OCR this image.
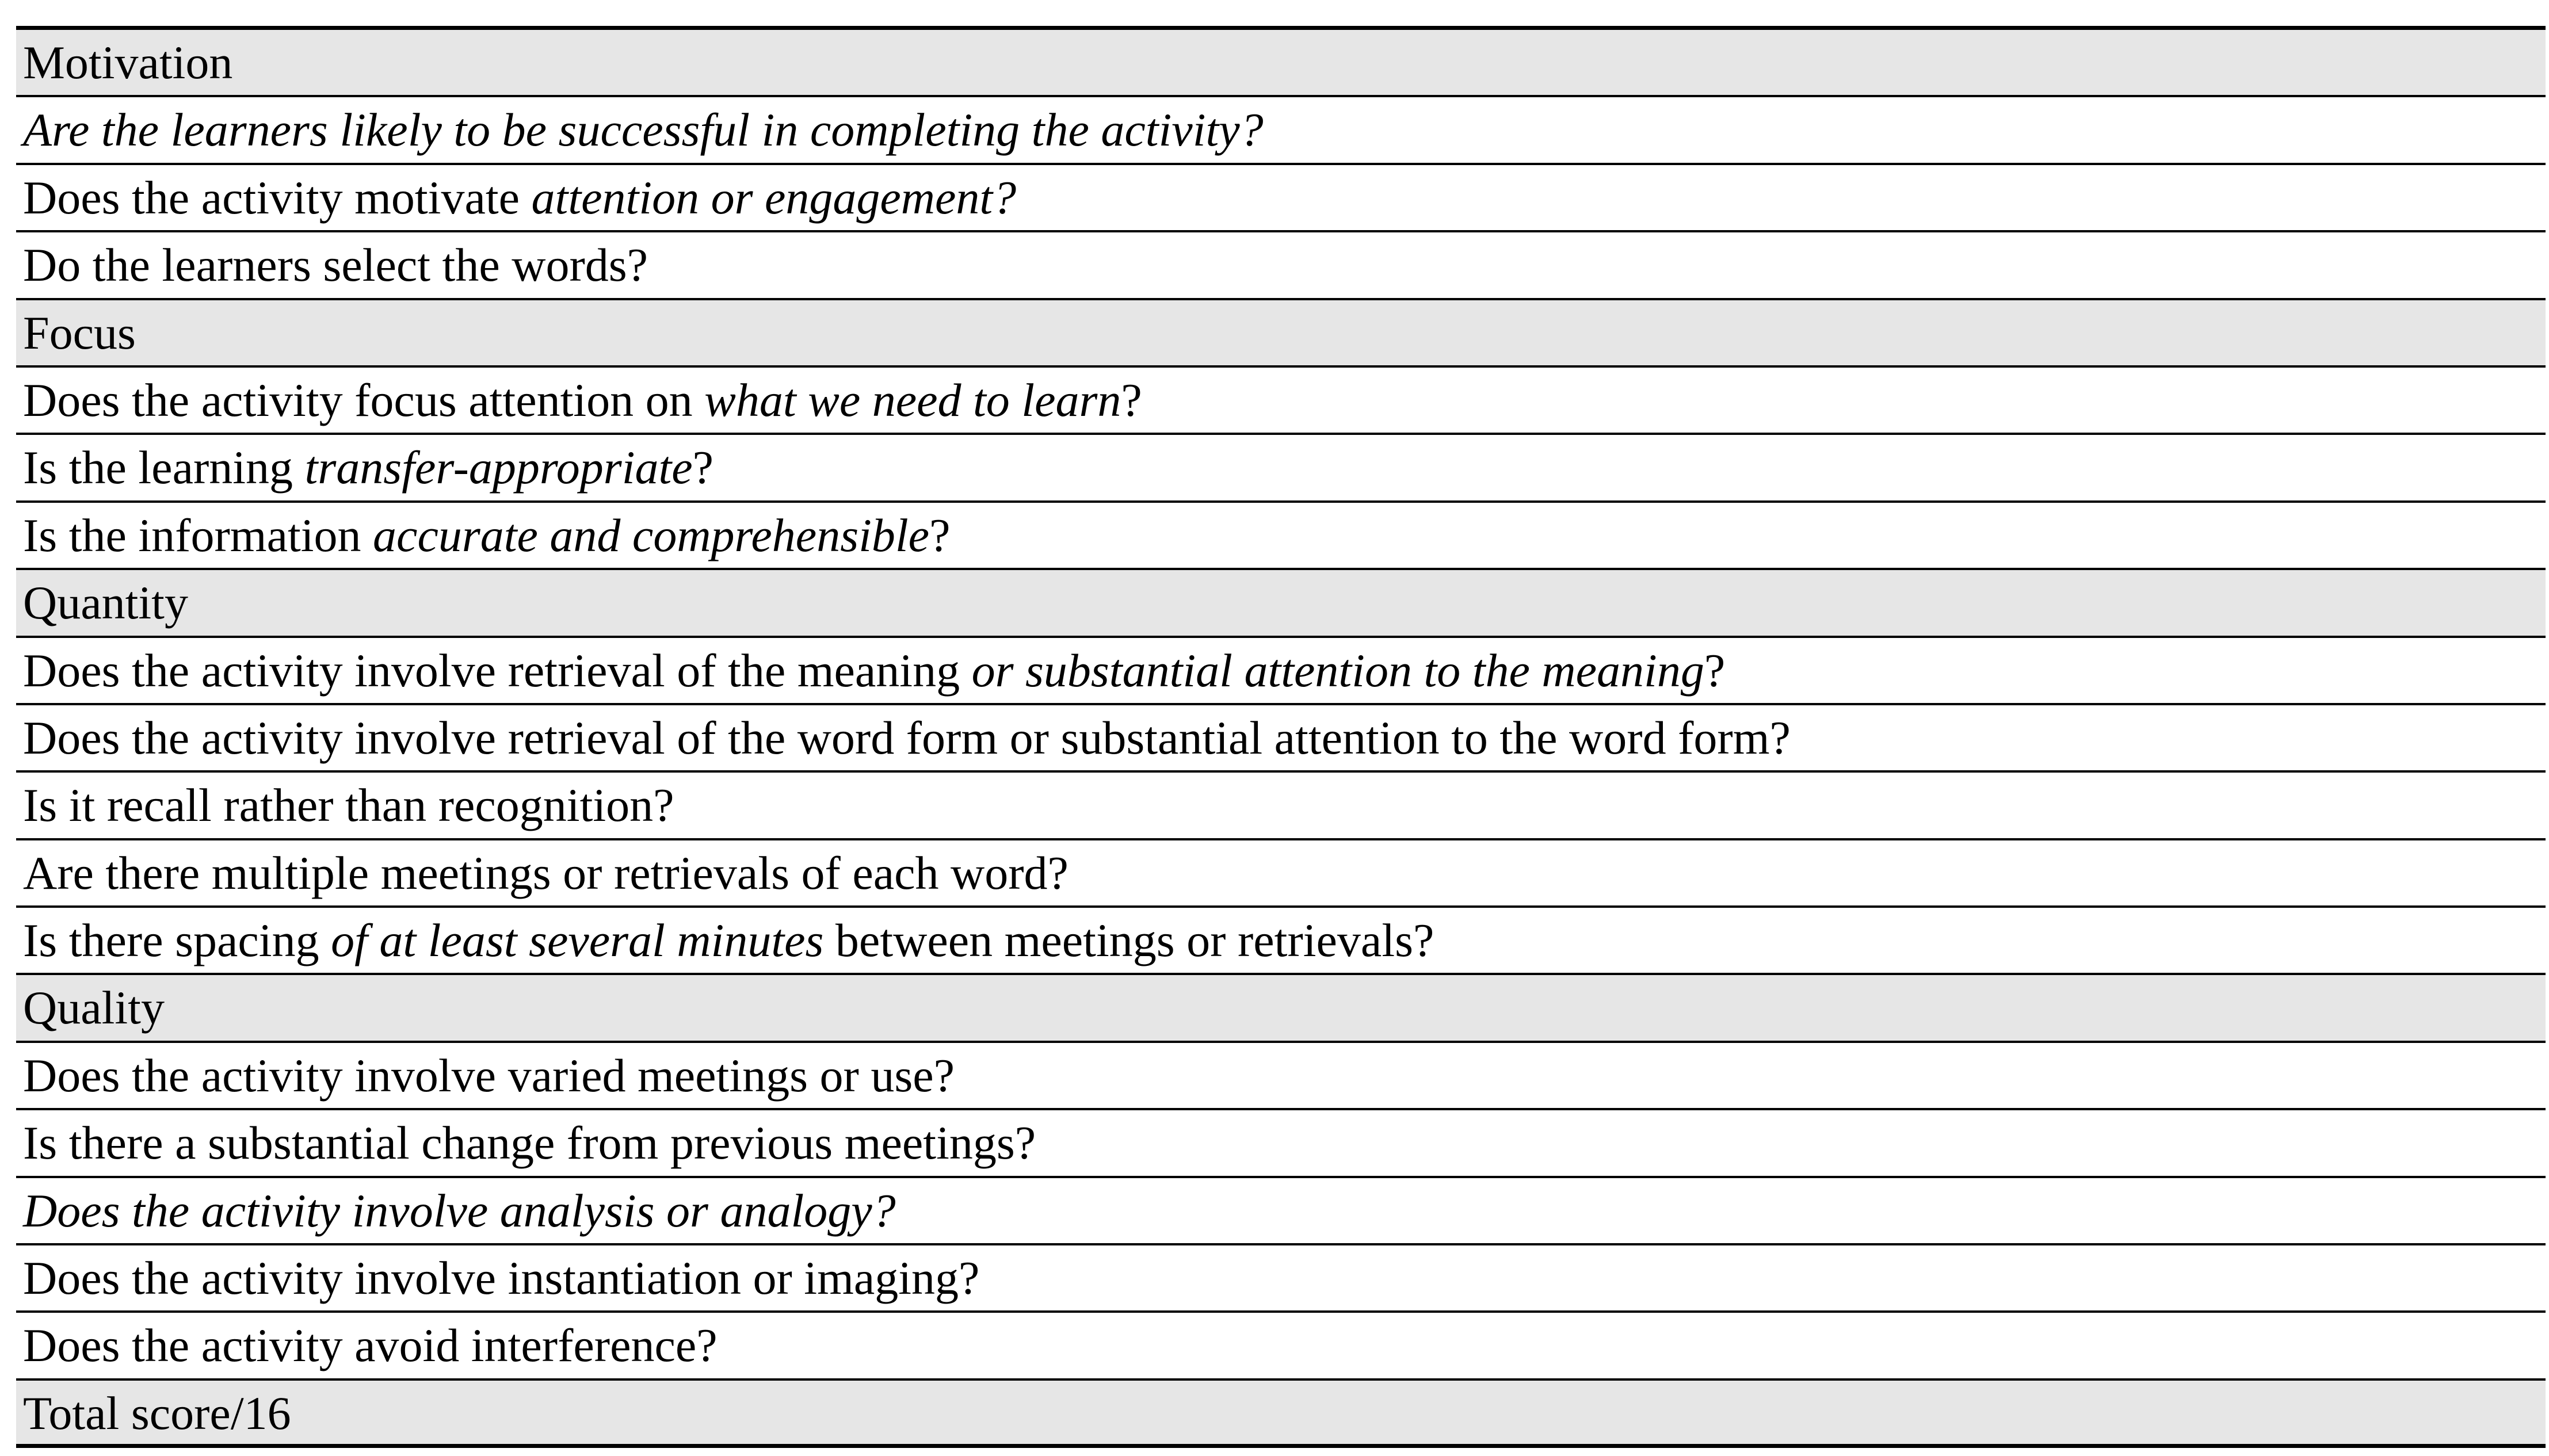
Motivation
Are the learners likely to be successful in completing the activity?
Does the activity motivate attention or engagement?
Do the learners select the words?
Focus
Does the activity focus attention on what we need to learn?
Is the learning transfer-appropriate?
Is the information accurate and comprehensible?
Quantity
Does the activity involve retrieval of the meaning or substantial attention to the meaning?
Does the activity involve retrieval of the word form or substantial attention to the word form?
Is it recall rather than recognition?
Are there multiple meetings or retrievals of each word?
Is there spacing of at least several minutes between meetings or retrievals?
Quality
Does the activity involve varied meetings or use?
Is there a substantial change from previous meetings?
Does the activity involve analysis or analogy?
Does the activity involve instantiation or imaging?
Does the activity avoid interference?
Total score/16
